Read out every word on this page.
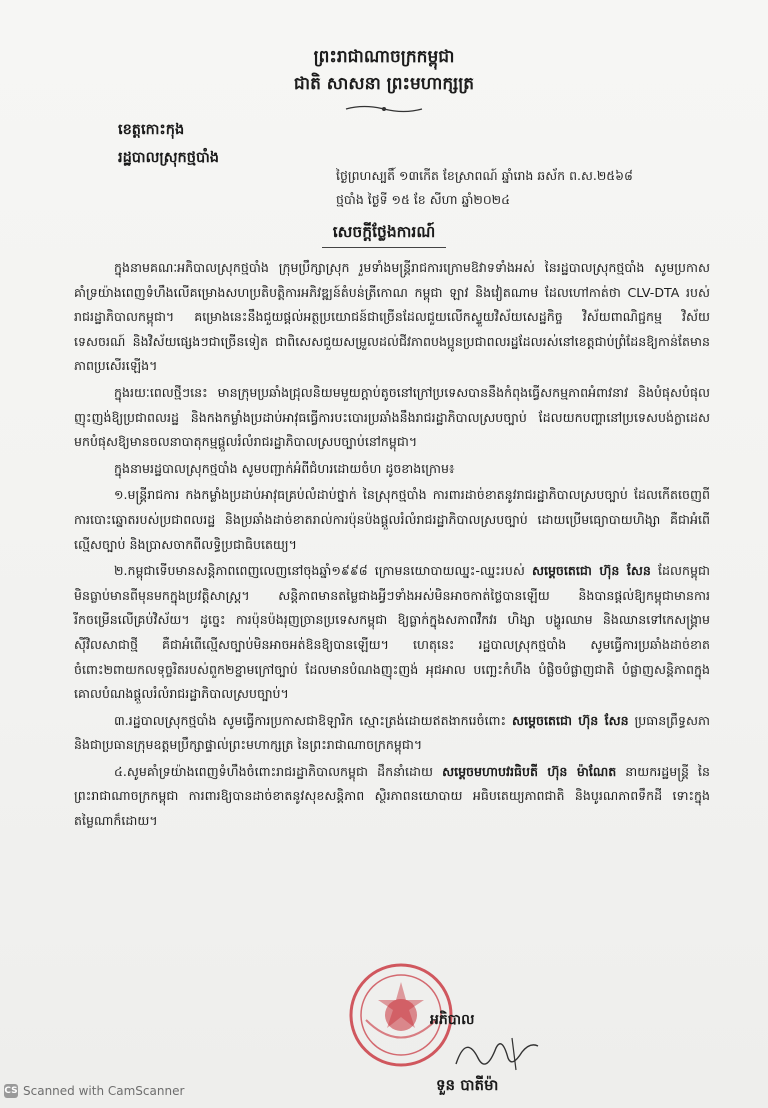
ព្រះរាជាណាចក្រកម្ពុជា
ជាតិ សាសនា ព្រះមហាក្សត្រ
ខេត្តកោះកុង
រដ្ឋបាលស្រុកថ្មបាំង
ថ្ងៃព្រហស្បតិ៍ ១៣កើត ខែស្រាពណ៍ ឆ្នាំរោង ឆស័ក ព.ស.២៥៦៨
ថ្មបាំង ថ្ងៃទី ១៥ ខែ សីហា ឆ្នាំ២០២៤
សេចក្តីថ្លែងការណ៍

ក្នុងនាមគណៈអភិបាលស្រុកថ្មបាំង ក្រុមប្រឹក្សាស្រុក រួមទាំងមន្ត្រីរាជការក្រោមឱវាទទាំងអស់ នៃរដ្ឋបាលស្រុកថ្មបាំង សូមប្រកាសគាំទ្រយ៉ាងពេញទំហឹងលើគម្រោងសហប្រតិបត្តិការអភិវឌ្ឍន៍តំបន់ត្រីកោណ កម្ពុជា ឡាវ និងវៀតណាម ដែលហៅកាត់ថា CLV-DTA របស់រាជរដ្ឋាភិបាលកម្ពុជា។ គម្រោងនេះនឹងជួយផ្តល់អត្ថប្រយោជន៍ជាច្រើនដែលជួយលើកស្ទួយវិស័យសេដ្ឋកិច្ច វិស័យពាណិជ្ជកម្ម វិស័យទេសចរណ៍ និងវិស័យផ្សេងៗជាច្រើនទៀត ជាពិសេសជួយសម្រួលដល់ជីវភាពបងប្អូនប្រជាពលរដ្ឋដែលរស់នៅខេត្តជាប់ព្រំដែនឱ្យកាន់តែមានភាពប្រសើរឡើង។

ក្នុងរយៈពេលថ្មីៗនេះ មានក្រុមប្រឆាំងជ្រុលនិយមមួយក្តាប់តូចនៅក្រៅប្រទេសបាននឹងកំពុងធ្វើសកម្មភាពអំពាវនាវ និងបំផុសបំផុល ញុះញង់ឱ្យប្រជាពលរដ្ឋ និងកងកម្លាំងប្រដាប់អាវុធធ្វើការបះបោរប្រឆាំងនឹងរាជរដ្ឋាភិបាលស្របច្បាប់ ដែលយកបញ្ហានៅប្រទេសបង់ក្លាដេស មកបំផុសឱ្យមានចលនាបាតុកម្មផ្តួលរំលំរាជរដ្ឋាភិបាលស្របច្បាប់នៅកម្ពុជា។

ក្នុងនាមរដ្ឋបាលស្រុកថ្មបាំង សូមបញ្ជាក់អំពីជំហរដោយចំហ ដូចខាងក្រោម៖

១.មន្ត្រីរាជការ កងកម្លាំងប្រដាប់អាវុធគ្រប់លំដាប់ថ្នាក់ នៃស្រុកថ្មបាំង ការពារដាច់ខាតនូវរាជរដ្ឋាភិបាលស្របច្បាប់ ដែលកើតចេញពីការបោះឆ្នោតរបស់ប្រជាពលរដ្ឋ និងប្រឆាំងដាច់ខាតរាល់ការប៉ុនប៉ងផ្តួលរំលំរាជរដ្ឋាភិបាលស្របច្បាប់ ដោយប្រើមធ្យោបាយហិង្សា គឺជាអំពើល្មើសច្បាប់ និងប្រាសចាកពីលទ្ធិប្រជាធិបតេយ្យ។

២.កម្ពុជាទើបមានសន្តិភាពពេញលេញនៅចុងឆ្នាំ១៩៩៨ ក្រោមនយោបាយឈ្នះ-ឈ្នះរបស់ សម្តេចតេជោ ហ៊ុន សែន ដែលកម្ពុជាមិនធ្លាប់មានពីមុនមកក្នុងប្រវត្តិសាស្ត្រ។ សន្តិភាពមានតម្លៃជាងអ្វីៗទាំងអស់មិនអាចកាត់ថ្លៃបានឡើយ និងបានផ្តល់ឱ្យកម្ពុជាមានការរីកចម្រើនលើគ្រប់វិស័យ។ ដូច្នេះ ការប៉ុនប៉ងរុញច្រានប្រទេសកម្ពុជា ឱ្យធ្លាក់ក្នុងសភាពវឹកវរ ហិង្សា បង្ហូរឈាម និងឈានទៅកេសង្គ្រាមស៊ីវិលសាជាថ្មី គឺជាអំពើល្មើសច្បាប់មិនអាចអត់ឱនឱ្យបានឡើយ។ ហេតុនេះ រដ្ឋបាលស្រុកថ្មបាំង សូមធ្វើការប្រឆាំងដាច់ខាតចំពោះ២ពាយកលទុច្ចរិតរបស់ពួក២ខ្នាមក្រៅច្បាប់ ដែលមានបំណងញុះញង់ អុជអាល បញ្ឆេះកំហឹង បំផ្លិចបំផ្លាញជាតិ បំផ្លាញសន្តិភាពក្នុងគោលបំណងផ្តួលរំលំរាជរដ្ឋាភិបាលស្របច្បាប់។

៣.រដ្ឋបាលស្រុកថ្មបាំង សូមធ្វើការប្រកាសជាឱឡារិក ស្មោះត្រង់ដោយឥតងាករេចំពោះ សម្តេចតេជោ ហ៊ុន សែន ប្រធានព្រឹទ្ធសភា និងជាប្រធានក្រុមឧត្តមប្រឹក្សាផ្ទាល់ព្រះមហាក្សត្រ នៃព្រះរាជាណាចក្រកម្ពុជា។

៤.សូមគាំទ្រយ៉ាងពេញទំហឹងចំពោះរាជរដ្ឋាភិបាលកម្ពុជា ដឹកនាំដោយ សម្តេចមហាបវរធិបតី ហ៊ុន ម៉ាណែត នាយករដ្ឋមន្ត្រី នៃព្រះរាជាណាចក្រកម្ពុជា ការពារឱ្យបានដាច់ខាតនូវសុខសន្តិភាព ស្ថិរភាពនយោបាយ អធិបតេយ្យភាពជាតិ និងបូរណភាពទឹកដី ទោះក្នុងតម្លៃណាក៏ដោយ។

អភិបាល
ទួន បាតីម៉ា
CS Scanned with CamScanner
